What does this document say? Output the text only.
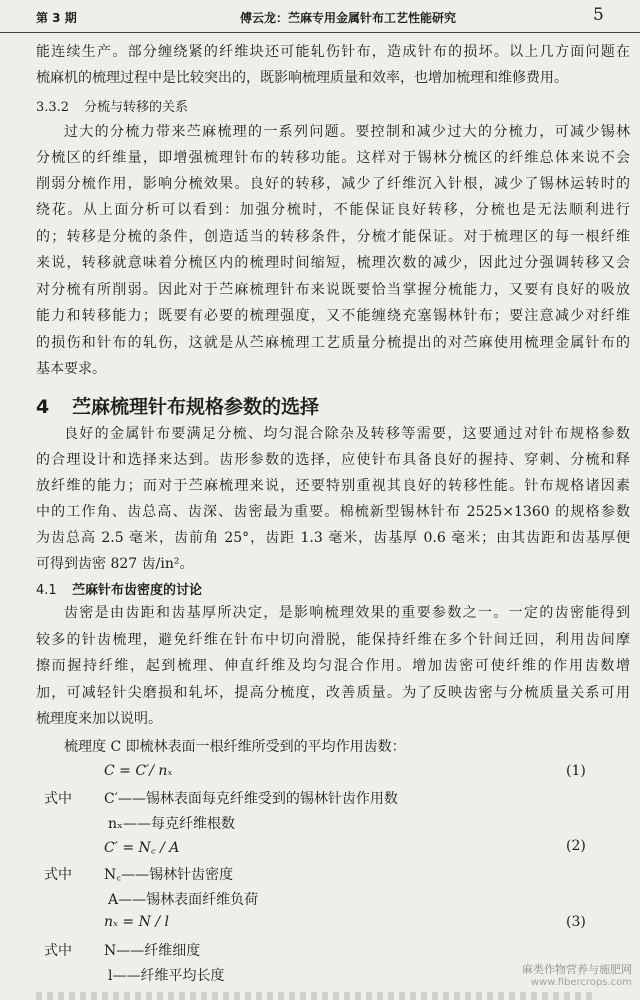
第 3 期	傅云龙：苎麻专用金属针布工艺性能研究	5
能连续生产。部分缠绕紧的纤维块还可能轧伤针布，造成针布的损坏。以上几方面问题在
梳麻机的梳理过程中是比较突出的，既影响梳理质量和效率，也增加梳理和维修费用。
3.3.2 分梳与转移的关系
过大的分梳力带来苎麻梳理的一系列问题。要控制和减少过大的分梳力，可减少锡林
分梳区的纤维量，即增强梳理针布的转移功能。这样对于锡林分梳区的纤维总体来说不会
削弱分梳作用，影响分梳效果。良好的转移，减少了纤维沉入针根，减少了锡林运转时的
绕花。从上面分析可以看到：加强分梳时，不能保证良好转移，分梳也是无法顺利进行
的；转移是分梳的条件，创造适当的转移条件，分梳才能保证。对于梳理区的每一根纤维
来说，转移就意味着分梳区内的梳理时间缩短，梳理次数的减少，因此过分强调转移又会
对分梳有所削弱。因此对于苎麻梳理针布来说既要恰当掌握分梳能力，又要有良好的吸放
能力和转移能力；既要有必要的梳理强度，又不能缠绕充塞锡林针布；要注意减少对纤维
的损伤和针布的轧伤，这就是从苎麻梳理工艺质量分梳提出的对苎麻使用梳理金属针布的
基本要求。
4 苎麻梳理针布规格参数的选择
良好的金属针布要满足分梳、均匀混合除杂及转移等需要，这要通过对针布规格参数
的合理设计和选择来达到。齿形参数的选择，应使针布具备良好的握持、穿刺、分梳和释
放纤维的能力；而对于苎麻梳理来说，还要特别重视其良好的转移性能。针布规格诸因素
中的工作角、齿总高、齿深、齿密最为重要。棉梳新型锡林针布 2525×1360 的规格参数
为齿总高 2.5 毫米，齿前角 25°，齿距 1.3 毫米，齿基厚 0.6 毫米；由其齿距和齿基厚便
可得到齿密 827 齿/in²。
4.1 苎麻针布齿密度的讨论
齿密是由齿距和齿基厚所决定，是影响梳理效果的重要参数之一。一定的齿密能得到
较多的针齿梳理，避免纤维在针布中切向滑脱，能保持纤维在多个针间迁回，利用齿间摩
擦而握持纤维，起到梳理、伸直纤维及均匀混合作用。增加齿密可使纤维的作用齿数增
加，可减轻针尖磨损和轧坏，提高分梳度，改善质量。为了反映齿密与分梳质量关系可用
梳理度来加以说明。
梳理度 C 即梳林表面一根纤维所受到的平均作用齿数：
C = C′/ nₓ	(1)
式中 C′——锡林表面每克纤维受到的锡林针齿作用数
nₓ——每克纤维根数
C′ = N꜀ / A	(2)
式中 N꜀——锡林针齿密度
A——锡林表面纤维负荷
nₓ = N / l	(3)
式中 N——纤维细度
l——纤维平均长度	麻类作物营养与施肥网
www.fibercrops.com
